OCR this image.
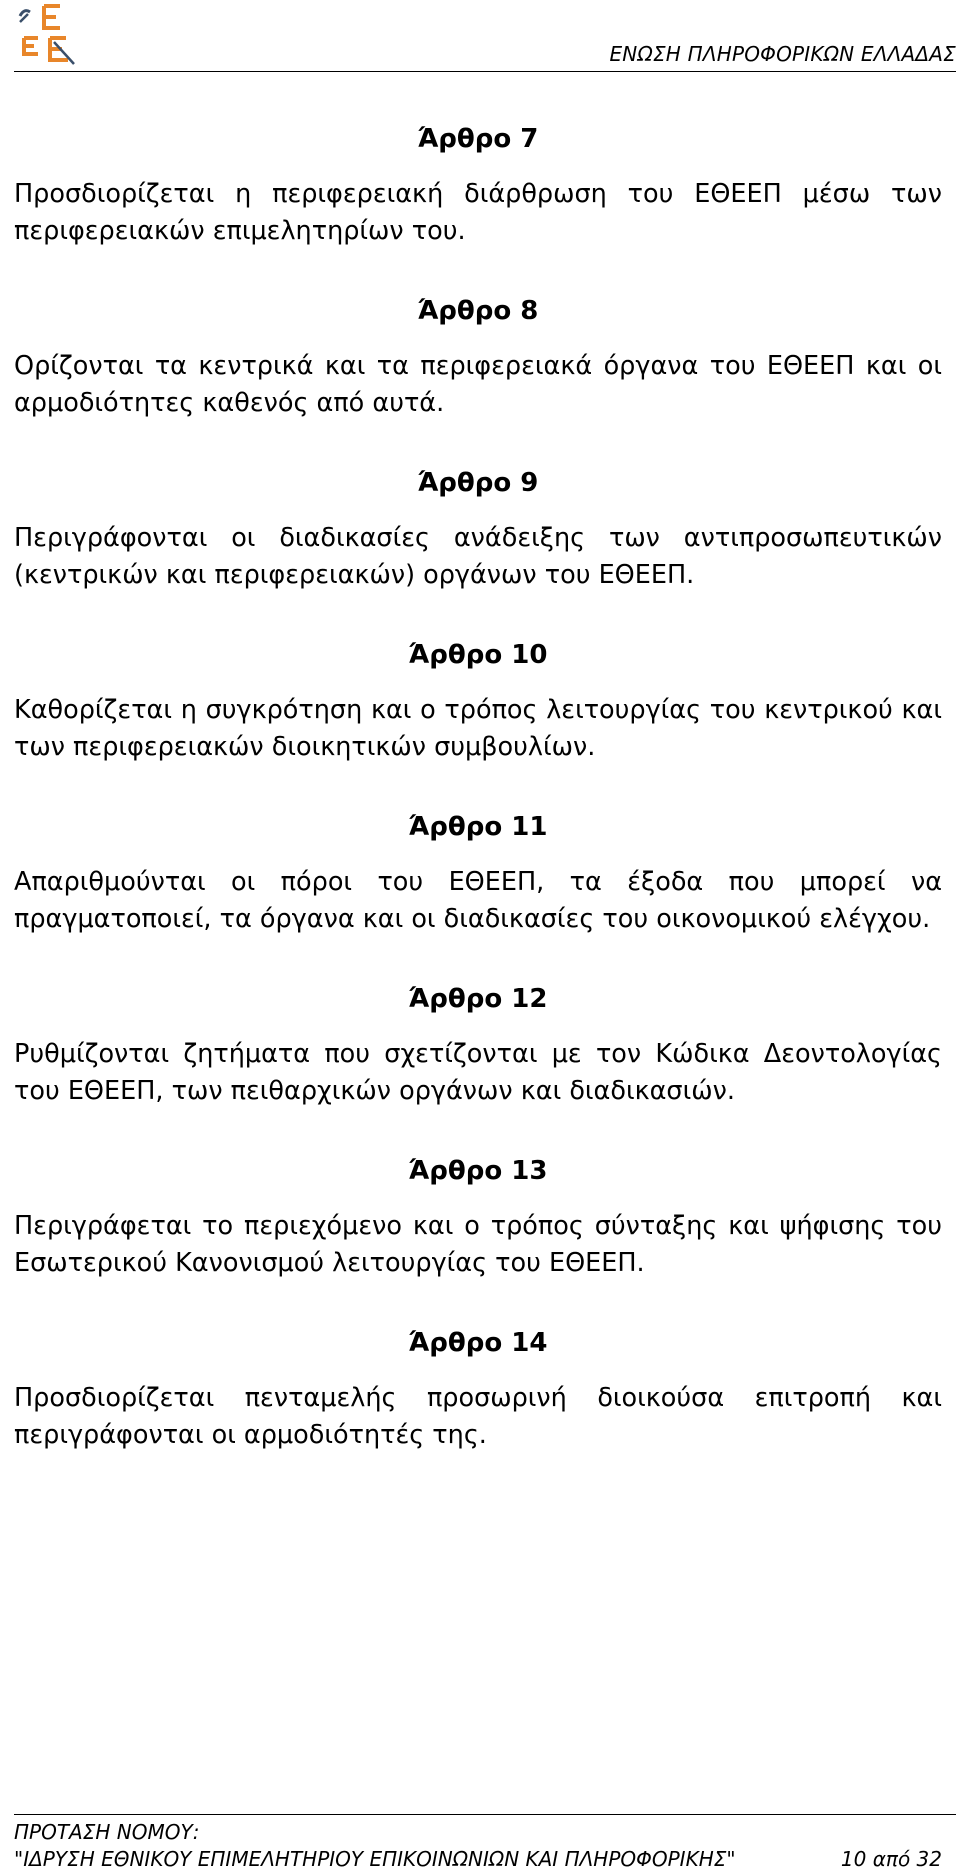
ΕΝΩΣΗ ΠΛΗΡΟΦΟΡΙΚΩΝ ΕΛΛΑΔΑΣ
Άρθρο 7

Προσδιορίζεται η περιφερειακή διάρθρωση του ΕΘΕΕΠ μέσω των περιφερειακών επιμελητηρίων του.

Άρθρο 8

Ορίζονται τα κεντρικά και τα περιφερειακά όργανα του ΕΘΕΕΠ και οι αρμοδιότητες καθενός από αυτά.

Άρθρο 9

Περιγράφονται οι διαδικασίες ανάδειξης των αντιπροσωπευτικών (κεντρικών και περιφερειακών) οργάνων του ΕΘΕΕΠ.

Άρθρο 10

Καθορίζεται η συγκρότηση και ο τρόπος λειτουργίας του κεντρικού και των περιφερειακών διοικητικών συμβουλίων.

Άρθρο 11

Απαριθμούνται οι πόροι του ΕΘΕΕΠ, τα έξοδα που μπορεί να πραγματοποιεί, τα όργανα και οι διαδικασίες του οικονομικού ελέγχου.

Άρθρο 12

Ρυθμίζονται ζητήματα που σχετίζονται με τον Κώδικα Δεοντολογίας του ΕΘΕΕΠ, των πειθαρχικών οργάνων και διαδικασιών.

Άρθρο 13

Περιγράφεται το περιεχόμενο και ο τρόπος σύνταξης και ψήφισης του Εσωτερικού Κανονισμού λειτουργίας του ΕΘΕΕΠ.

Άρθρο 14

Προσδιορίζεται πενταμελής προσωρινή διοικούσα επιτροπή και περιγράφονται οι αρμοδιότητές της.

ΠΡΟΤΑΣΗ ΝΟΜΟΥ:
"ΙΔΡΥΣΗ ΕΘΝΙΚΟΥ ΕΠΙΜΕΛΗΤΗΡΙΟΥ ΕΠΙΚΟΙΝΩΝΙΩΝ ΚΑΙ ΠΛΗΡΟΦΟΡΙΚΗΣ"	10 από 32
